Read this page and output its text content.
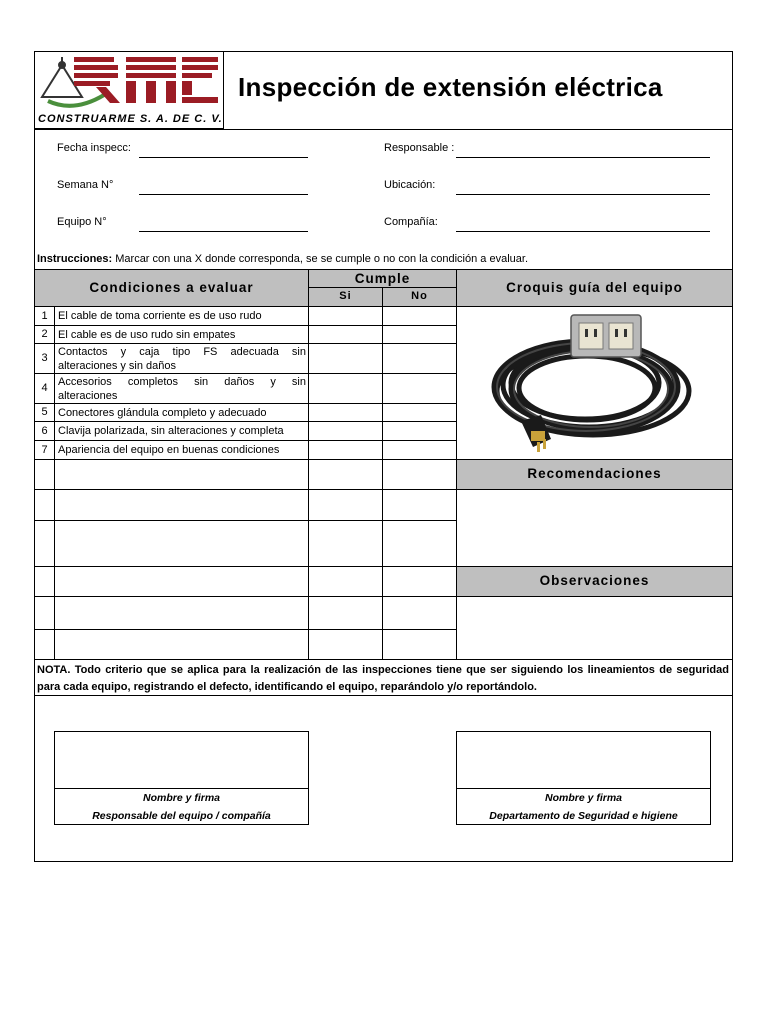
CONSTRUARME S. A. DE C. V.
Inspección de extensión eléctrica
Fecha inspecc:	Responsable :
Semana N°	Ubicación:
Equipo N°	Compañía:
Instrucciones: Marcar con una X donde corresponda, se se cumple o no con la condición a evaluar.
Condiciones a evaluar
Cumple
Si	No
Croquis guía del equipo
1 El cable de toma corriente es de uso rudo
2 El cable es de uso rudo sin empates
3 Contactos y caja tipo FS adecuada sin
alteraciones y sin daños
4 Accesorios completos sin daños y sin
alteraciones
5 Conectores glándula completo y adecuado
6 Clavija polarizada, sin alteraciones y completa
7 Apariencia del equipo en buenas condiciones
Recomendaciones
Observaciones
NOTA. Todo criterio que se aplica para la realización de las inspecciones tiene que ser siguiendo los lineamientos de seguridad
para cada equipo, registrando el defecto, identificando el equipo, reparándolo y/o reportándolo.
Nombre y firma
Responsable del equipo / compañía
Nombre y firma
Departamento de Seguridad e higiene
